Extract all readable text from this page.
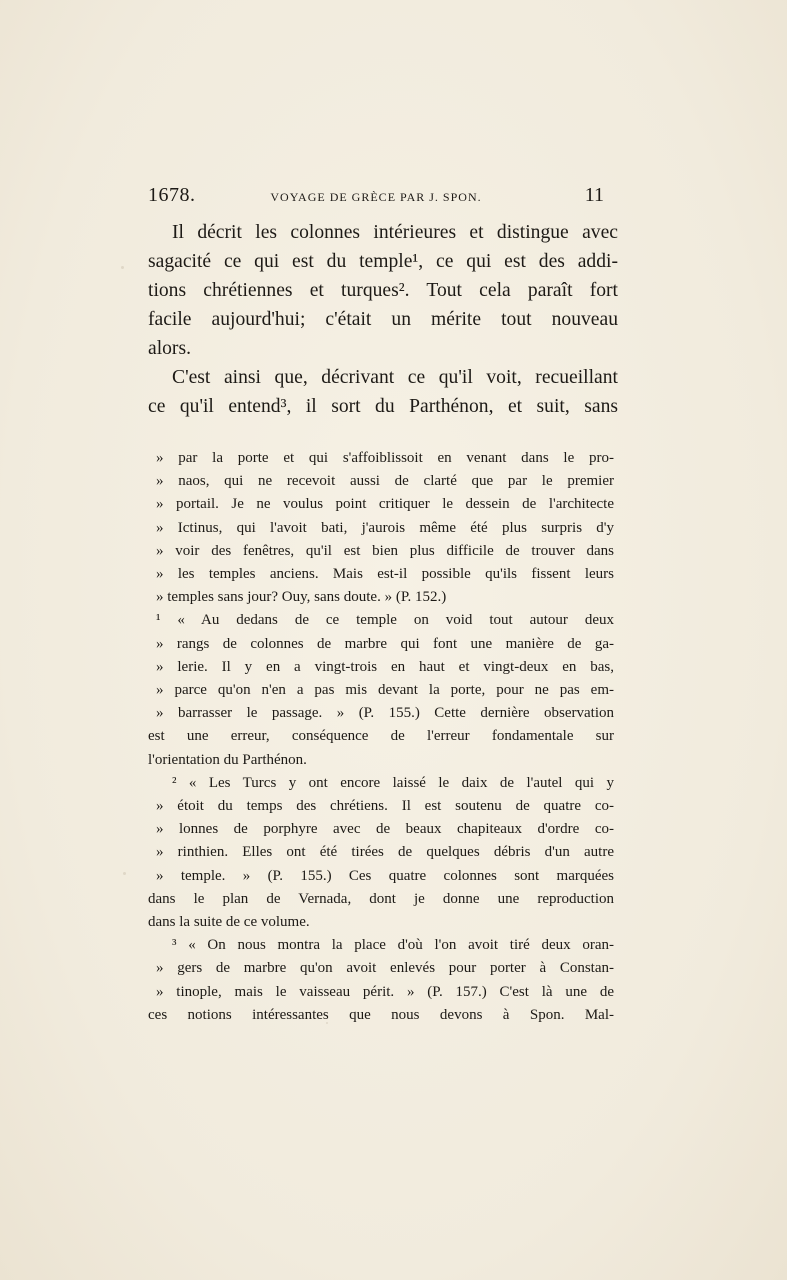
1678.	VOYAGE DE GRÈCE PAR J. SPON.	11

Il décrit les colonnes intérieures et distingue avec
sagacité ce qui est du temple¹, ce qui est des addi-
tions chrétiennes et turques². Tout cela paraît fort
facile aujourd'hui; c'était un mérite tout nouveau
alors.

C'est ainsi que, décrivant ce qu'il voit, recueillant
ce qu'il entend³, il sort du Parthénon, et suit, sans

» par la porte et qui s'affoiblissoit en venant dans le pro-
» naos, qui ne recevoit aussi de clarté que par le premier
» portail. Je ne voulus point critiquer le dessein de l'architecte
» Ictinus, qui l'avoit bati, j'aurois même été plus surpris d'y
» voir des fenêtres, qu'il est bien plus difficile de trouver dans
» les temples anciens. Mais est-il possible qu'ils fissent leurs
» temples sans jour? Ouy, sans doute. » (P. 152.)
¹ « Au dedans de ce temple on void tout autour deux
» rangs de colonnes de marbre qui font une manière de ga-
» lerie. Il y en a vingt-trois en haut et vingt-deux en bas,
» parce qu'on n'en a pas mis devant la porte, pour ne pas em-
» barrasser le passage. » (P. 155.) Cette dernière observation
est une erreur, conséquence de l'erreur fondamentale sur
l'orientation du Parthénon.
² « Les Turcs y ont encore laissé le daix de l'autel qui y
» étoit du temps des chrétiens. Il est soutenu de quatre co-
» lonnes de porphyre avec de beaux chapiteaux d'ordre co-
» rinthien. Elles ont été tirées de quelques débris d'un autre
» temple. » (P. 155.) Ces quatre colonnes sont marquées
dans le plan de Vernada, dont je donne une reproduction
dans la suite de ce volume.
³ « On nous montra la place d'où l'on avoit tiré deux oran-
» gers de marbre qu'on avoit enlevés pour porter à Constan-
» tinople, mais le vaisseau périt. » (P. 157.) C'est là une de
ces notions intéressantes que nous devons à Spon. Mal-
